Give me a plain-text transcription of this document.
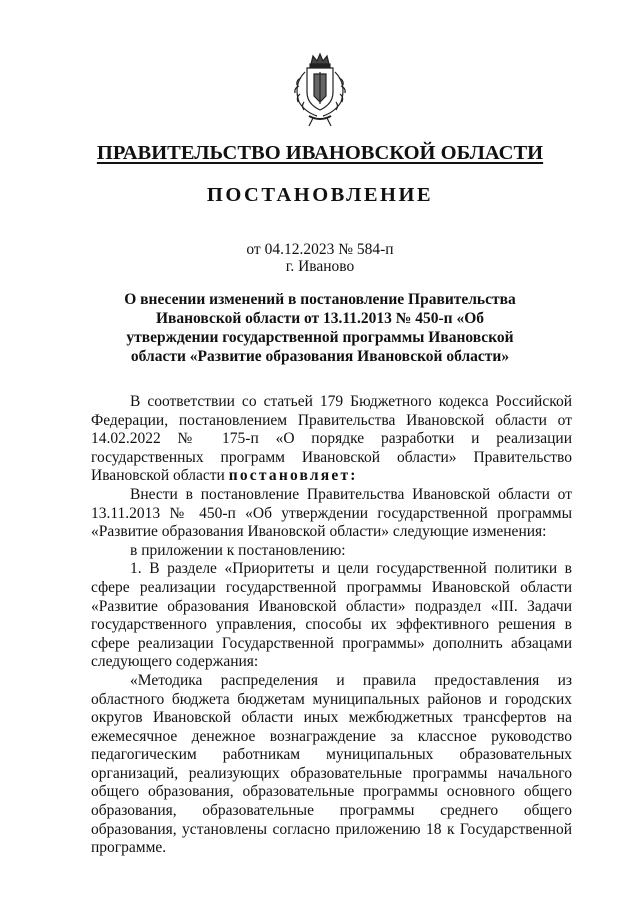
ПРАВИТЕЛЬСТВО ИВАНОВСКОЙ ОБЛАСТИ
ПОСТАНОВЛЕНИЕ
от 04.12.2023 № 584-п
г. Иваново
О внесении изменений в постановление Правительства Ивановской области от 13.11.2013 № 450-п «Об утверждении государственной программы Ивановской области «Развитие образования Ивановской области»

В соответствии со статьей 179 Бюджетного кодекса Российской Федерации, постановлением Правительства Ивановской области от 14.02.2022 № 175-п «О порядке разработки и реализации государственных программ Ивановской области» Правительство Ивановской области постановляет:

Внести в постановление Правительства Ивановской области от 13.11.2013 № 450-п «Об утверждении государственной программы «Развитие образования Ивановской области» следующие изменения:

в приложении к постановлению:

1. В разделе «Приоритеты и цели государственной политики в сфере реализации государственной программы Ивановской области «Развитие образования Ивановской области» подраздел «III. Задачи государственного управления, способы их эффективного решения в сфере реализации Государственной программы» дополнить абзацами следующего содержания:

«Методика распределения и правила предоставления из областного бюджета бюджетам муниципальных районов и городских округов Ивановской области иных межбюджетных трансфертов на ежемесячное денежное вознаграждение за классное руководство педагогическим работникам муниципальных образовательных организаций, реализующих образовательные программы начального общего образования, образовательные программы основного общего образования, образовательные программы среднего общего образования, установлены согласно приложению 18 к Государственной программе.
